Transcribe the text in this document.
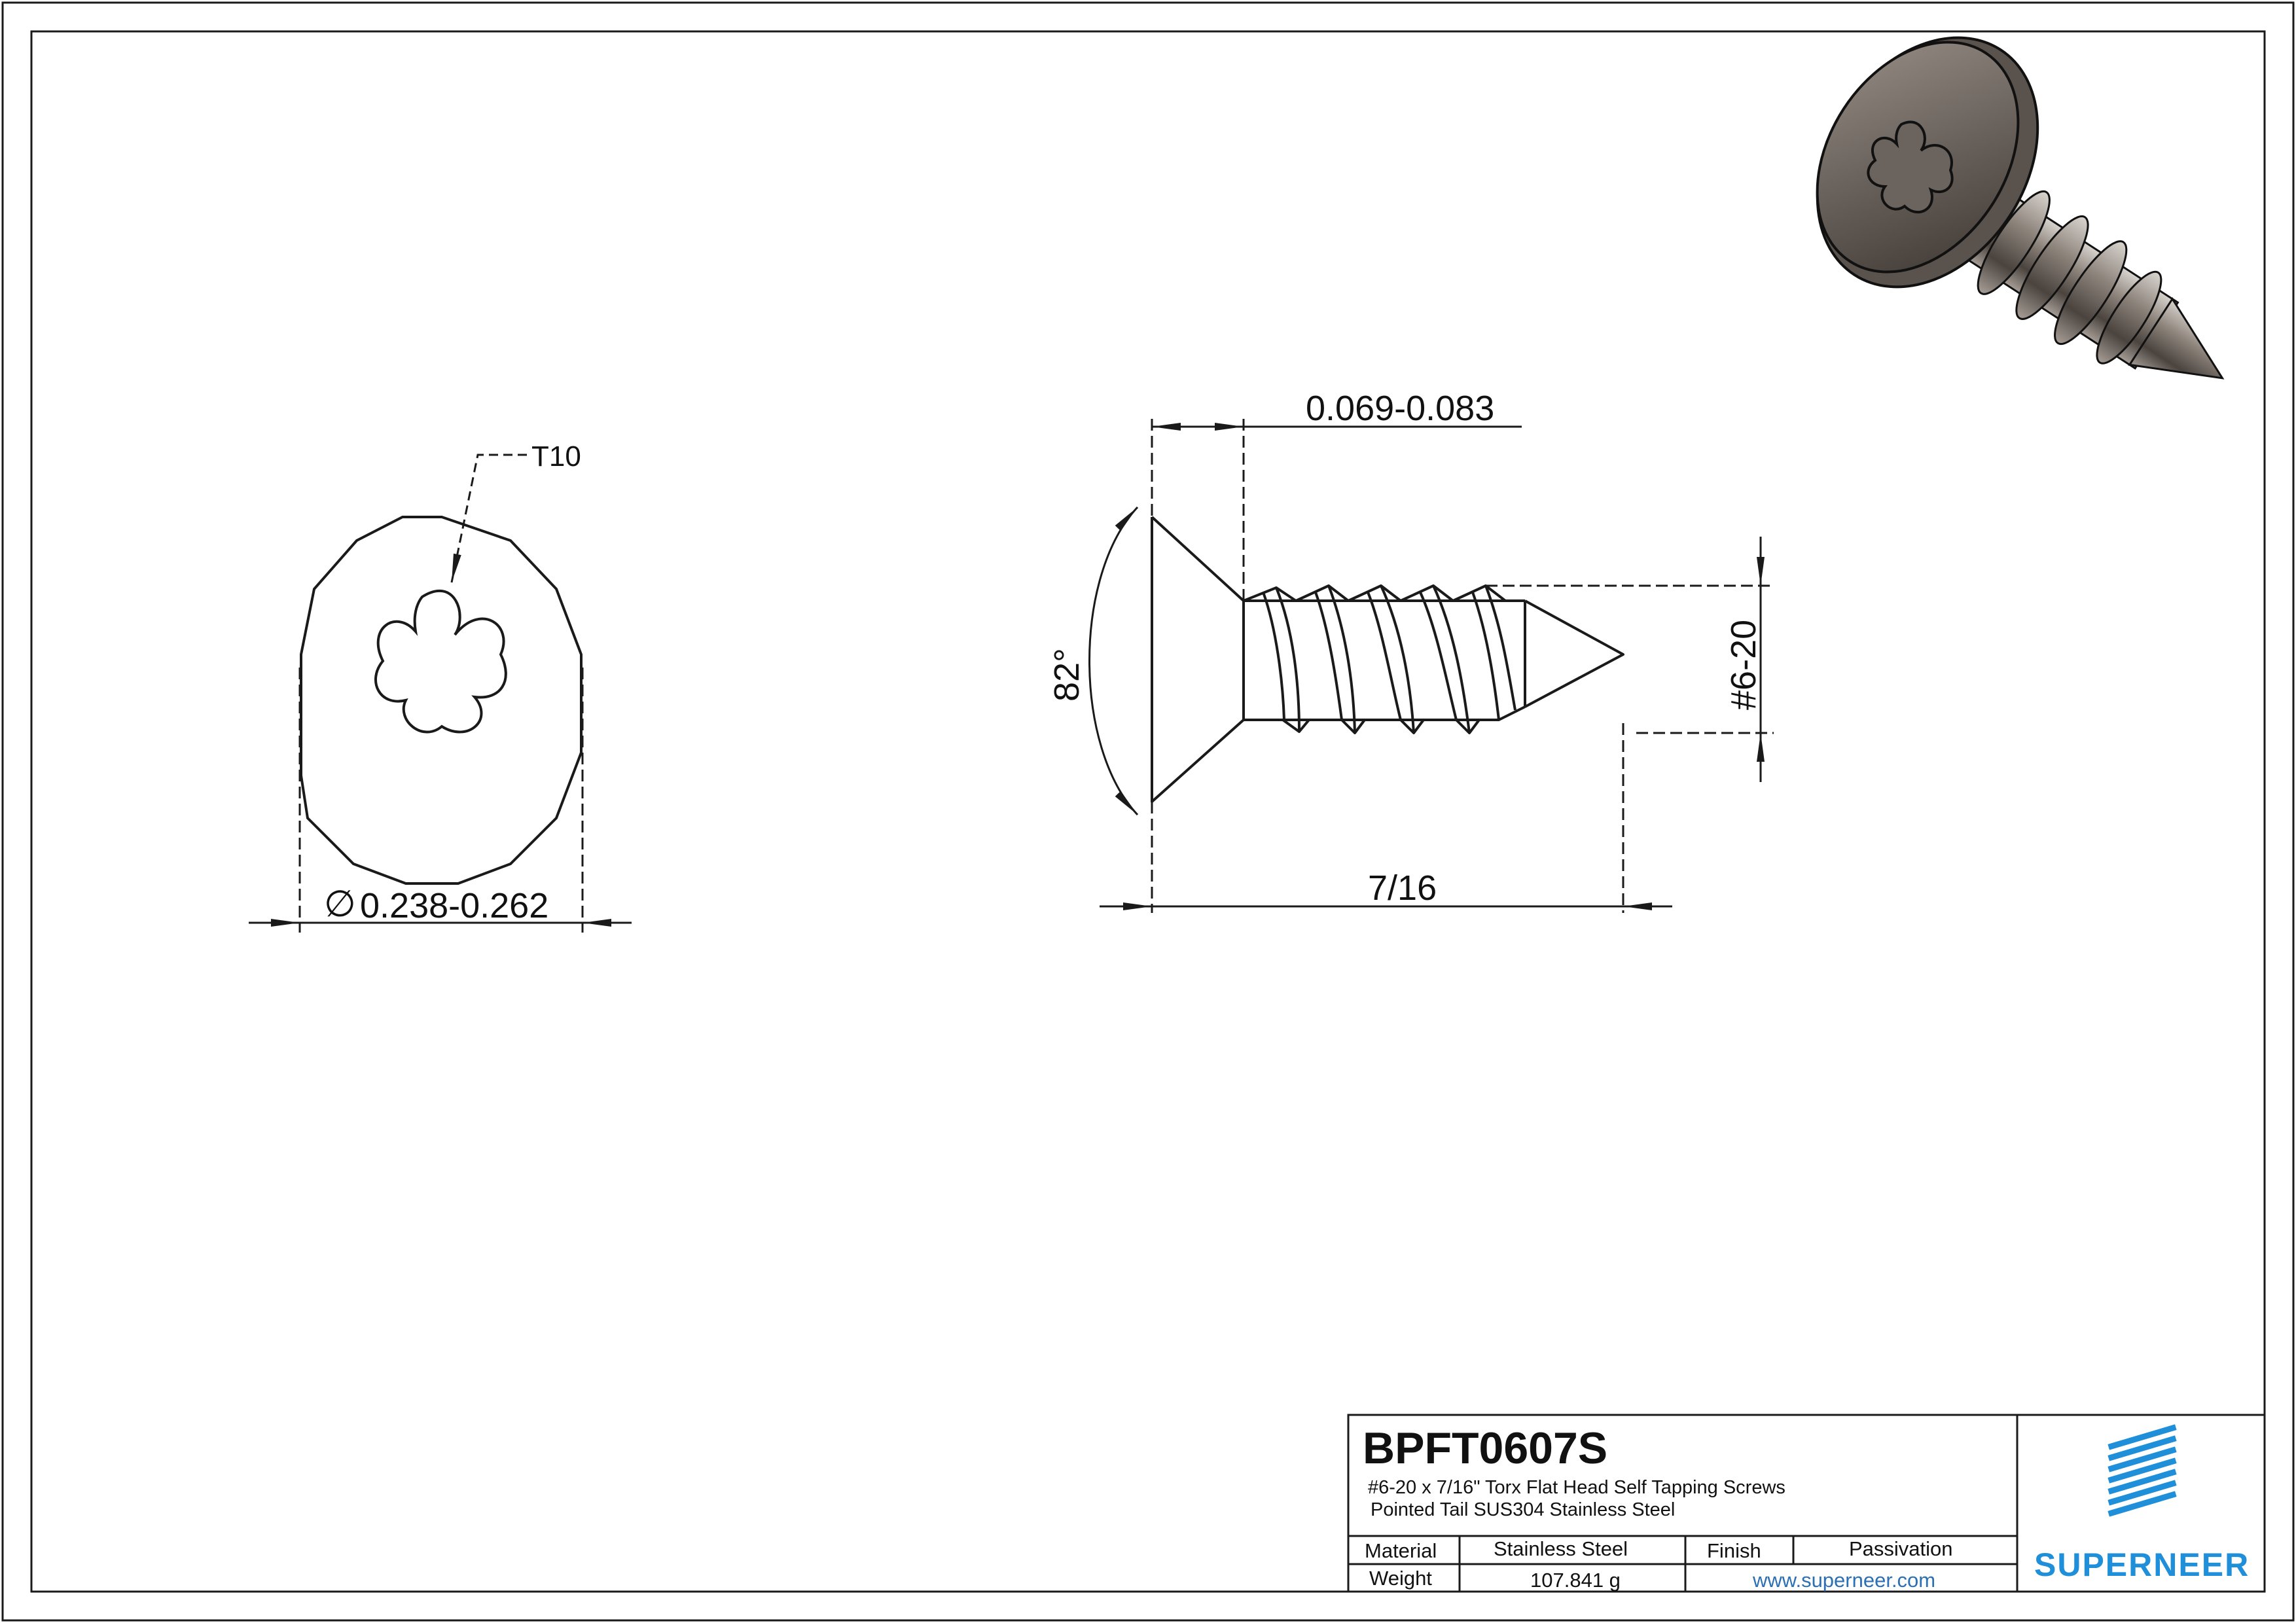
T10
∅ 0.238-0.262
0.069-0.083
82°	#6-20
7/16
BPFT0607S
#6-20 x 7/16" Torx Flat Head Self Tapping Screws
Pointed Tail SUS304 Stainless Steel
Material	Stainless Steel	Finish	Passivation
Weight	107.841 g	www.superneer.com	SUPERNEER
